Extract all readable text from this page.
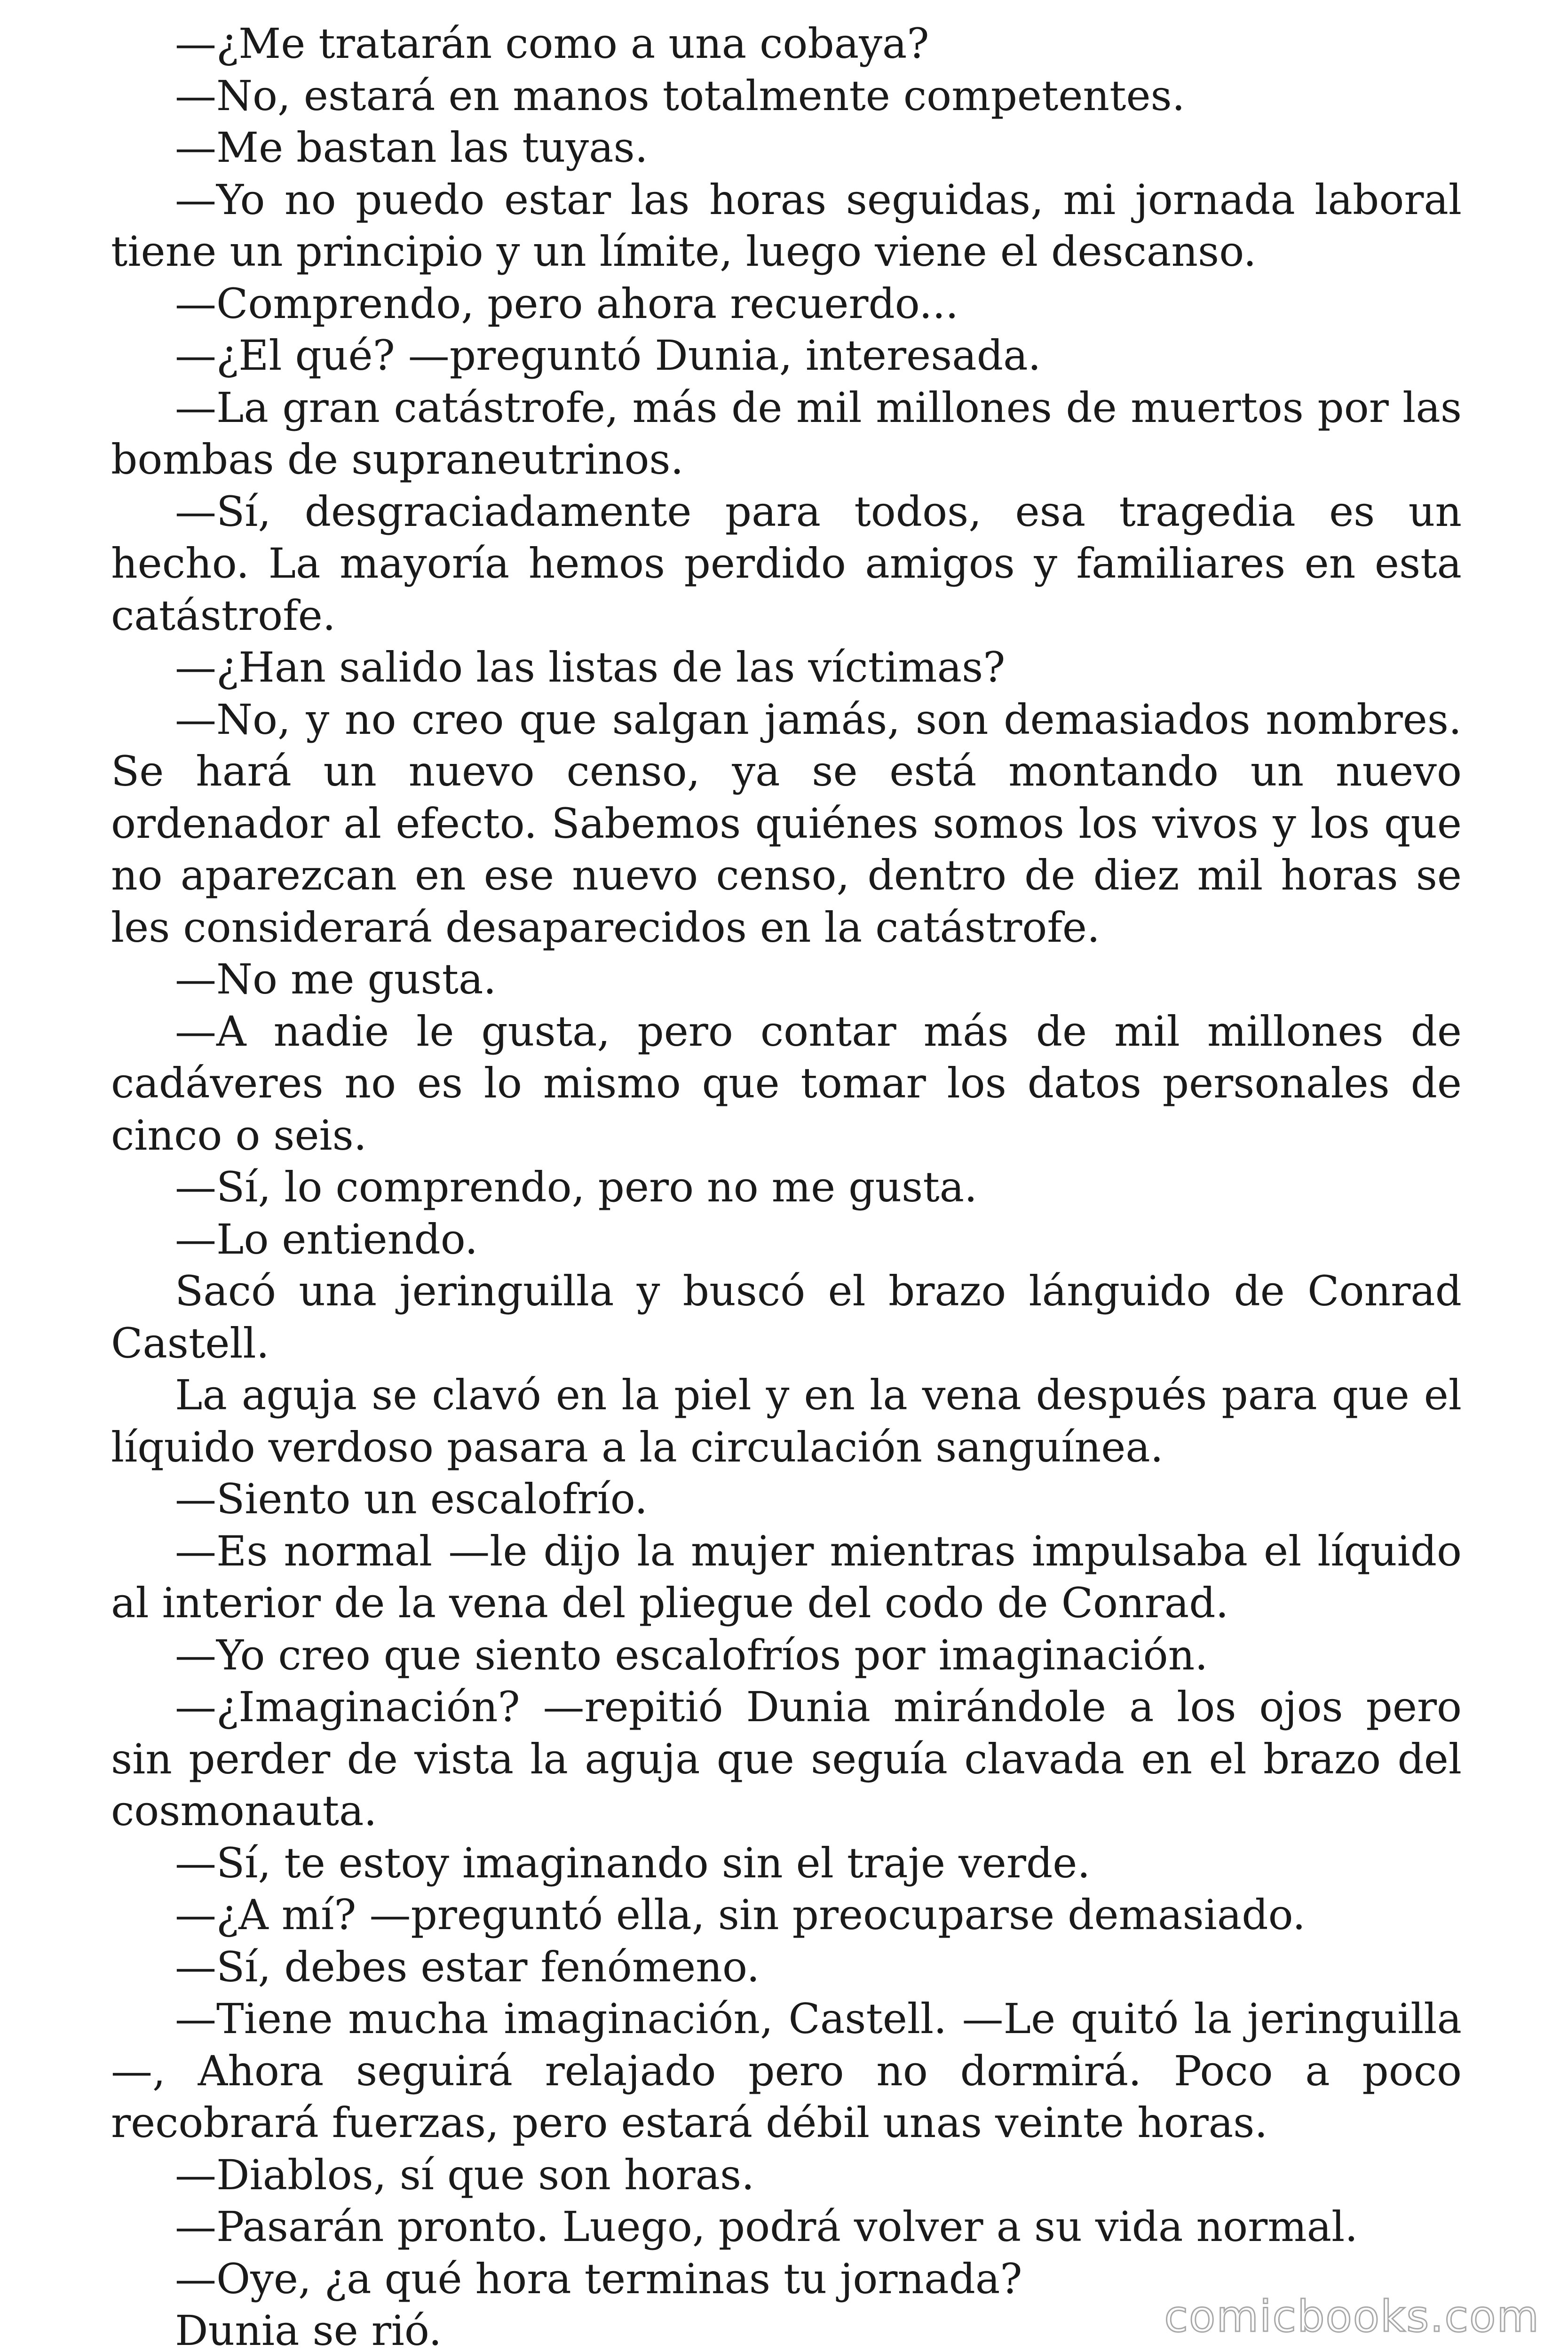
—¿Me tratarán como a una cobaya?

—No, estará en manos totalmente competentes.

—Me bastan las tuyas.

—Yo no puedo estar las horas seguidas, mi jornada laboral tiene un principio y un límite, luego viene el descanso.

—Comprendo, pero ahora recuerdo...

—¿El qué? —preguntó Dunia, interesada.

—La gran catástrofe, más de mil millones de muertos por las bombas de supraneutrinos.

—Sí, desgraciadamente para todos, esa tragedia es un hecho. La mayoría hemos perdido amigos y familiares en esta catástrofe.

—¿Han salido las listas de las víctimas?

—No, y no creo que salgan jamás, son demasiados nombres. Se hará un nuevo censo, ya se está montando un nuevo ordenador al efecto. Sabemos quiénes somos los vivos y los que no aparezcan en ese nuevo censo, dentro de diez mil horas se les considerará desaparecidos en la catástrofe.

—No me gusta.

—A nadie le gusta, pero contar más de mil millones de cadáveres no es lo mismo que tomar los datos personales de cinco o seis.

—Sí, lo comprendo, pero no me gusta.

—Lo entiendo.

Sacó una jeringuilla y buscó el brazo lánguido de Conrad Castell.

La aguja se clavó en la piel y en la vena después para que el líquido verdoso pasara a la circulación sanguínea.

—Siento un escalofrío.

—Es normal —le dijo la mujer mientras impulsaba el líquido al interior de la vena del pliegue del codo de Conrad.

—Yo creo que siento escalofríos por imaginación.

—¿Imaginación? —repitió Dunia mirándole a los ojos pero sin perder de vista la aguja que seguía clavada en el brazo del cosmonauta.

—Sí, te estoy imaginando sin el traje verde.

—¿A mí? —preguntó ella, sin preocuparse demasiado.

—Sí, debes estar fenómeno.

—Tiene mucha imaginación, Castell. —Le quitó la jeringuilla—, Ahora seguirá relajado pero no dormirá. Poco a poco recobrará fuerzas, pero estará débil unas veinte horas.

—Diablos, sí que son horas.

—Pasarán pronto. Luego, podrá volver a su vida normal.

—Oye, ¿a qué hora terminas tu jornada?

Dunia se rió.	comicbooks.com
